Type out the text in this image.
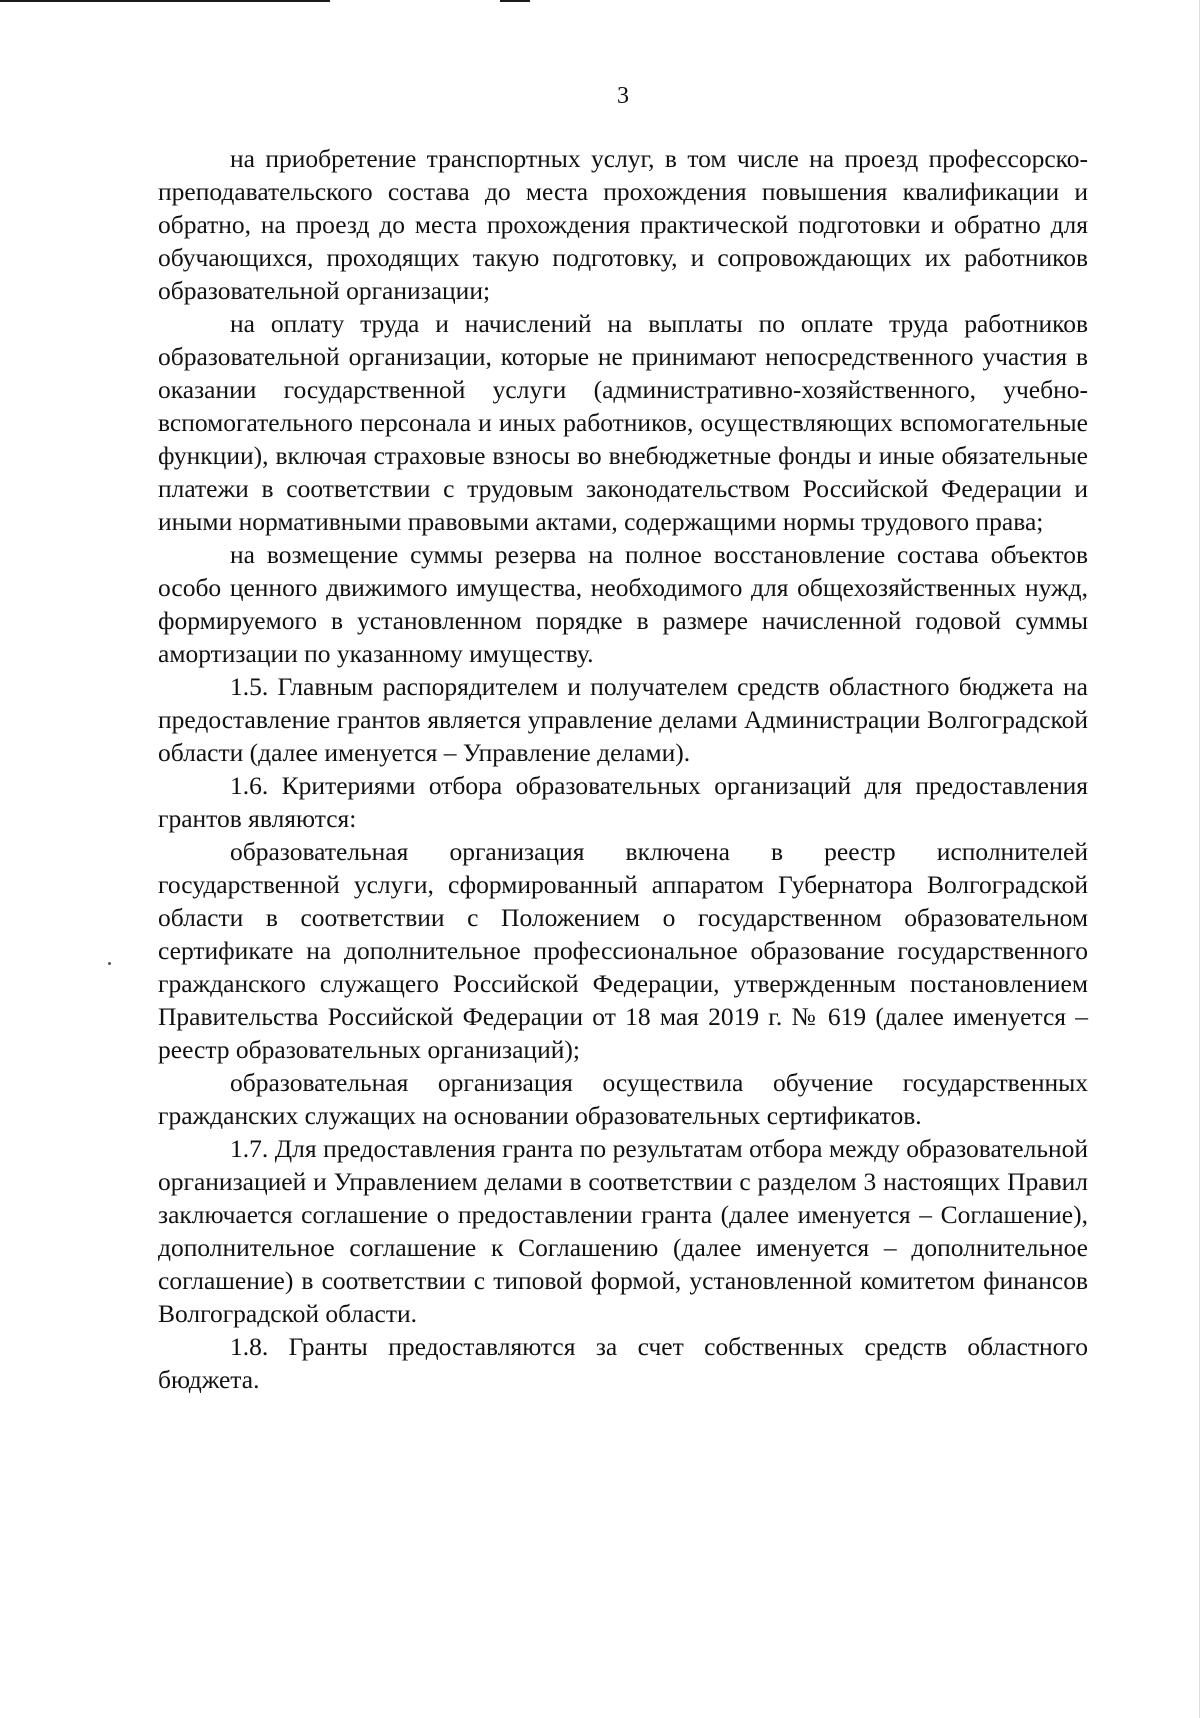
3

на приобретение транспортных услуг, в том числе на проезд профессорско-преподавательского состава до места прохождения повышения квалификации и обратно, на проезд до места прохождения практической подготовки и обратно для обучающихся, проходящих такую подготовку, и сопровождающих их работников образовательной организации;

на оплату труда и начислений на выплаты по оплате труда работников образовательной организации, которые не принимают непосредственного участия в оказании государственной услуги (административно-хозяйственного, учебно-вспомогательного персонала и иных работников, осуществляющих вспомогательные функции), включая страховые взносы во внебюджетные фонды и иные обязательные платежи в соответствии с трудовым законодательством Российской Федерации и иными нормативными правовыми актами, содержащими нормы трудового права;

на возмещение суммы резерва на полное восстановление состава объектов особо ценного движимого имущества, необходимого для общехозяйственных нужд, формируемого в установленном порядке в размере начисленной годовой суммы амортизации по указанному имуществу.

1.5. Главным распорядителем и получателем средств областного бюджета на предоставление грантов является управление делами Администрации Волгоградской области (далее именуется – Управление делами).

1.6. Критериями отбора образовательных организаций для предоставления грантов являются:

образовательная организация включена в реестр исполнителей государственной услуги, сформированный аппаратом Губернатора Волгоградской области в соответствии с Положением о государственном образовательном сертификате на дополнительное профессиональное образование государственного гражданского служащего Российской Федерации, утвержденным постановлением Правительства Российской Федерации от 18 мая 2019 г. № 619 (далее именуется – реестр образовательных организаций);

образовательная организация осуществила обучение государственных гражданских служащих на основании образовательных сертификатов.

1.7. Для предоставления гранта по результатам отбора между образовательной организацией и Управлением делами в соответствии с разделом 3 настоящих Правил заключается соглашение о предоставлении гранта (далее именуется – Соглашение), дополнительное соглашение к Соглашению (далее именуется – дополнительное соглашение) в соответствии с типовой формой, установленной комитетом финансов Волгоградской области.

1.8. Гранты предоставляются за счет собственных средств областного бюджета.
